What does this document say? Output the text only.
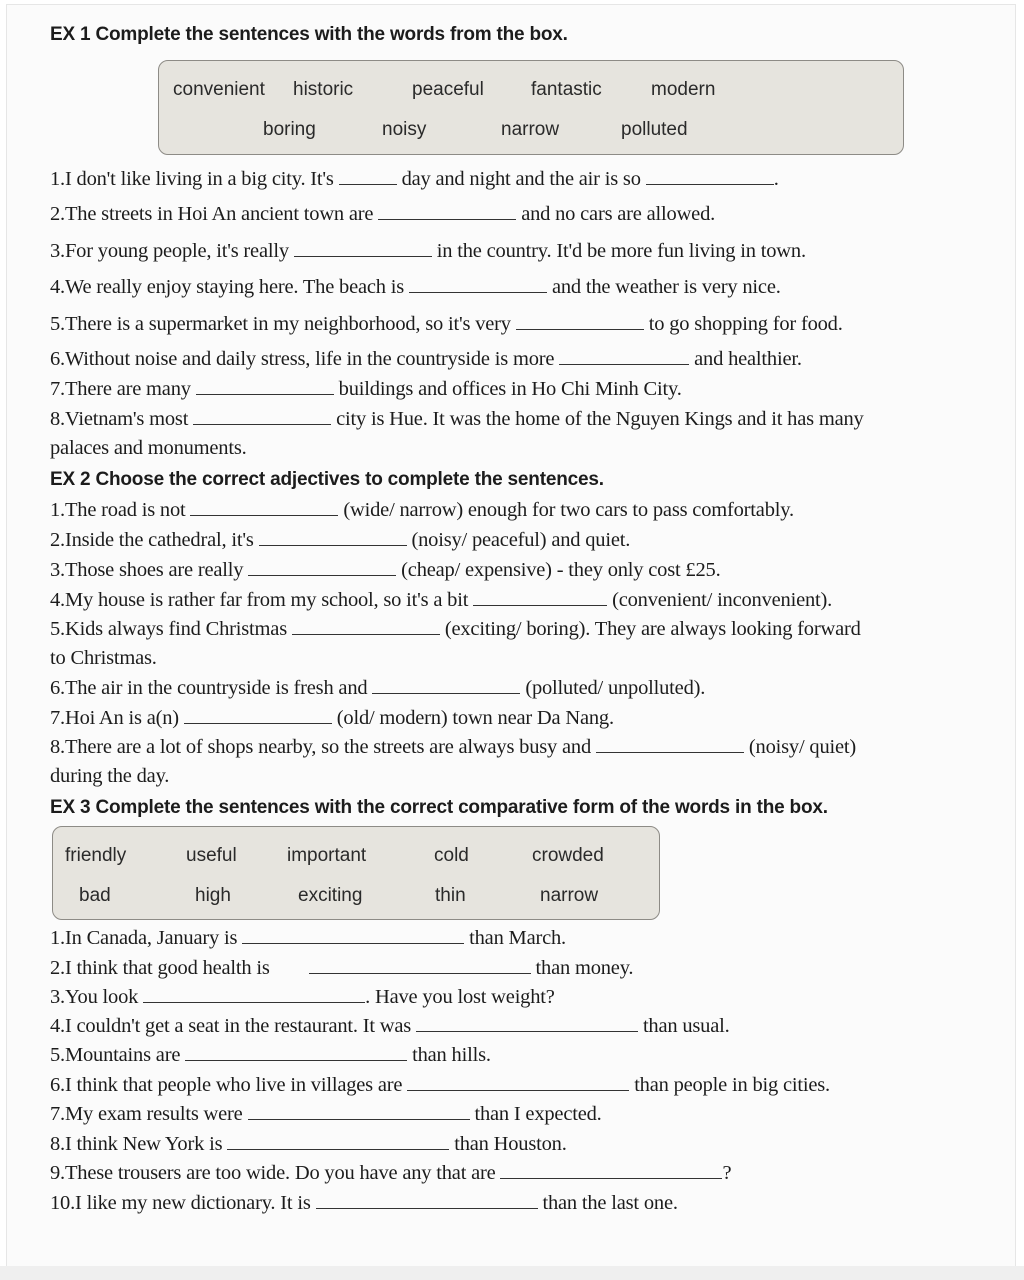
EX 1 Complete the sentences with the words from the box.
convenient historic	peaceful fantastic	modern
boring	noisy	narrow	polluted
1.I don't like living in a big city. It's	day and night and the air is so	.
2.The streets in Hoi An ancient town are	and no cars are allowed.
3.For young people, it's really	in the country. It'd be more fun living in town.
4.We really enjoy staying here. The beach is	and the weather is very nice.
5.There is a supermarket in my neighborhood, so it's very	to go shopping for food.
6.Without noise and daily stress, life in the countryside is more	and healthier.
7.There are many	buildings and offices in Ho Chi Minh City.
8.Vietnam's most	city is Hue. It was the home of the Nguyen Kings and it has many
palaces and monuments.
EX 2 Choose the correct adjectives to complete the sentences.
1.The road is not	(wide/ narrow) enough for two cars to pass comfortably.
2.Inside the cathedral, it's	(noisy/ peaceful) and quiet.
3.Those shoes are really	(cheap/ expensive) - they only cost £25.
4.My house is rather far from my school, so it's a bit	(convenient/ inconvenient).
5.Kids always find Christmas	(exciting/ boring). They are always looking forward
to Christmas.
6.The air in the countryside is fresh and	(polluted/ unpolluted).
7.Hoi An is a(n)	(old/ modern) town near Da Nang.
8.There are a lot of shops nearby, so the streets are always busy and	(noisy/ quiet)
during the day.
EX 3 Complete the sentences with the correct comparative form of the words in the box.
friendly	useful	important	cold	crowded
bad	high	exciting	thin	narrow
1.In Canada, January is	than March.
2.I think that good health is	than money.
3.You look	. Have you lost weight?
4.I couldn't get a seat in the restaurant. It was	than usual.
5.Mountains are	than hills.
6.I think that people who live in villages are	than people in big cities.
7.My exam results were	than I expected.
8.I think New York is	than Houston.
9.These trousers are too wide. Do you have any that are	?
10.I like my new dictionary. It is	than the last one.
